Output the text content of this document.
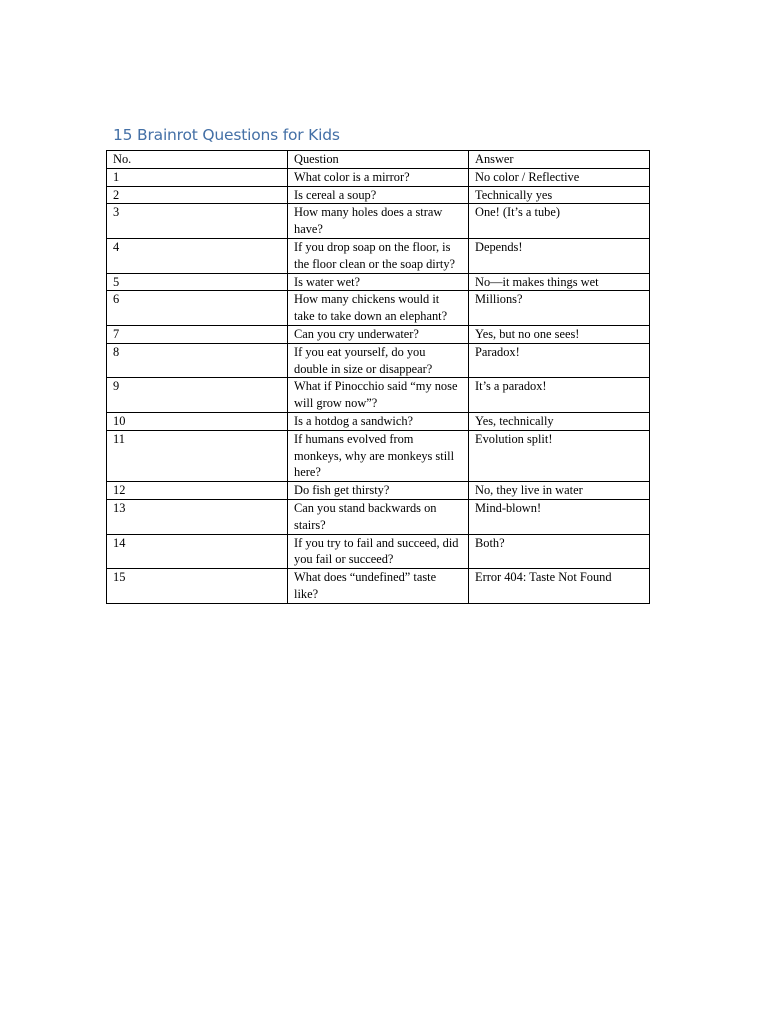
15 Brainrot Questions for Kids
No.	Question	Answer
1	What color is a mirror?	No color / Reflective
2	Is cereal a soup?	Technically yes
3	How many holes does a straw have?	One! (It’s a tube)
4	If you drop soap on the floor, is the floor clean or the soap dirty?	Depends!
5	Is water wet?	No—it makes things wet
6	How many chickens would it take to take down an elephant?	Millions?
7	Can you cry underwater?	Yes, but no one sees!
8	If you eat yourself, do you double in size or disappear?	Paradox!
9	What if Pinocchio said “my nose will grow now”?	It’s a paradox!
10	Is a hotdog a sandwich?	Yes, technically
11	If humans evolved from monkeys, why are monkeys still here?	Evolution split!
12	Do fish get thirsty?	No, they live in water
13	Can you stand backwards on stairs?	Mind-blown!
14	If you try to fail and succeed, did you fail or succeed?	Both?
15	What does “undefined” taste like?	Error 404: Taste Not Found
